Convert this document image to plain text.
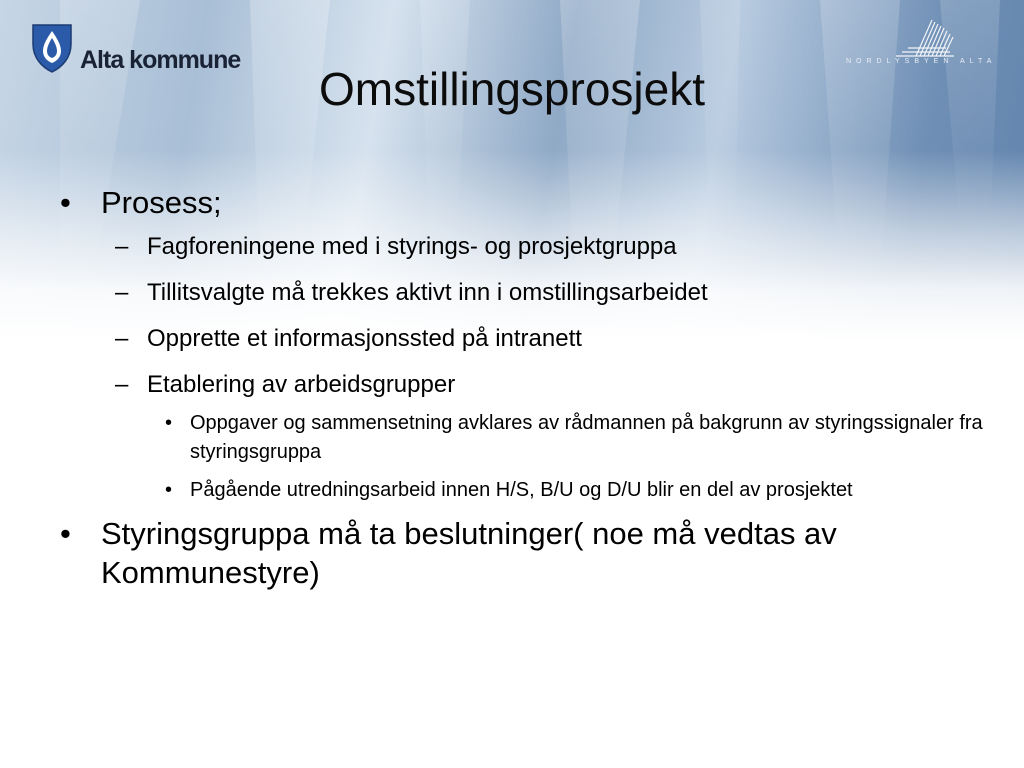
Alta kommune	NORDLYSBYEN ALTA
Omstillingsprosjekt
• Prosess;
– Fagforeningene med i styrings- og prosjektgruppa
– Tillitsvalgte må trekkes aktivt inn i omstillingsarbeidet
– Opprette et informasjonssted på intranett
– Etablering av arbeidsgrupper
• Oppgaver og sammensetning avklares av rådmannen på bakgrunn av styringssignaler fra styringsgruppa
• Pågående utredningsarbeid innen H/S, B/U og D/U blir en del av prosjektet
• Styringsgruppa må ta beslutninger( noe må vedtas av Kommunestyre)
